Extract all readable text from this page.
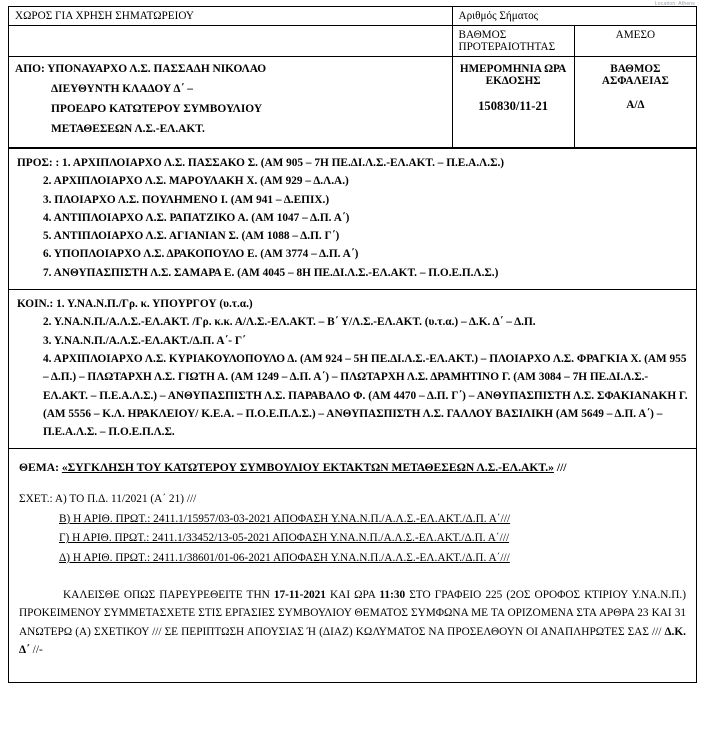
Location: Athens
ΧΩΡΟΣ ΓΙΑ ΧΡΗΣΗ ΣΗΜΑΤΩΡΕΙΟΥ	Αριθμός Σήματος	
	ΒΑΘΜΟΣ ΠΡΟΤΕΡΑΙΟΤΗΤΑΣ	ΑΜΕΣΟ

ΑΠΟ: ΥΠΟΝΑΥΑΡΧΟ Λ.Σ. ΠΑΣΣΑΔΗ ΝΙΚΟΛΑΟ
ΔΙΕΥΘΥΝΤΗ ΚΛΑΔΟΥ Δ΄ –
ΠΡΟΕΔΡΟ ΚΑΤΩΤΕΡΟΥ ΣΥΜΒΟΥΛΙΟΥ
ΜΕΤΑΘΕΣΕΩΝ Λ.Σ.-ΕΛ.ΑΚΤ.

ΗΜΕΡΟΜΗΝΙΑ ΩΡΑ ΕΚΔΟΣΗΣ
150830/11-21

ΒΑΘΜΟΣ ΑΣΦΑΛΕΙΑΣ
Α/Δ
ΠΡΟΣ: : 1. ΑΡΧΙΠΛΟΙΑΡΧΟ Λ.Σ. ΠΑΣΣΑΚΟ Σ. (ΑΜ 905 – 7Η ΠΕ.ΔΙ.Λ.Σ.-ΕΛ.ΑΚΤ. – Π.Ε.Α.Λ.Σ.)
2. ΑΡΧΙΠΛΟΙΑΡΧΟ Λ.Σ. ΜΑΡΟΥΛΑΚΗ Χ. (ΑΜ 929 – Δ.Λ.Α.)
3. ΠΛΟΙΑΡΧΟ Λ.Σ. ΠΟΥΛΗΜΕΝΟ Ι. (ΑΜ 941 – Δ.ΕΠΙΧ.)
4. ΑΝΤΙΠΛΟΙΑΡΧΟ Λ.Σ. ΡΑΠΑΤΖΙΚΟ Α. (ΑΜ 1047 – Δ.Π. Α΄)
5. ΑΝΤΙΠΛΟΙΑΡΧΟ Λ.Σ. ΑΓΙΑΝΙΑΝ Σ. (ΑΜ 1088 – Δ.Π. Γ΄)
6. ΥΠΟΠΛΟΙΑΡΧΟ Λ.Σ. ΔΡΑΚΟΠΟΥΛΟ Ε. (ΑΜ 3774 – Δ.Π. Α΄)
7. ΑΝΘΥΠΑΣΠΙΣΤΗ Λ.Σ. ΣΑΜΑΡΑ Ε. (ΑΜ 4045 – 8Η ΠΕ.ΔΙ.Λ.Σ.-ΕΛ.ΑΚΤ. – Π.Ο.Ε.Π.Λ.Σ.)
ΚΟΙΝ.: 1. Υ.ΝΑ.Ν.Π./Γρ. κ. ΥΠΟΥΡΓΟΥ (υ.τ.α.)
2. Υ.ΝΑ.Ν.Π./Α.Λ.Σ.-ΕΛ.ΑΚΤ. /Γρ. κ.κ. Α/Λ.Σ.-ΕΛ.ΑΚΤ. – Β΄ Υ/Λ.Σ.-ΕΛ.ΑΚΤ. (υ.τ.α.) – Δ.Κ. Δ΄ – Δ.Π.
3. Υ.ΝΑ.Ν.Π./Α.Λ.Σ.-ΕΛ.ΑΚΤ./Δ.Π. Α΄- Γ΄
4. ΑΡΧΙΠΛΟΙΑΡΧΟ Λ.Σ. ΚΥΡΙΑΚΟΥΛΟΠΟΥΛΟ Δ. (ΑΜ 924 – 5Η ΠΕ.ΔΙ.Λ.Σ.-ΕΛ.ΑΚΤ.) – ΠΛΟΙΑΡΧΟ Λ.Σ. ΦΡΑΓΚΙΑ Χ. (ΑΜ 955 – Δ.Π.) – ΠΛΩΤΑΡΧΗ Λ.Σ. ΓΙΩΤΗ Α. (ΑΜ 1249 – Δ.Π. Α΄) – ΠΛΩΤΑΡΧΗ Λ.Σ. ΔΡΑΜΗΤΙΝΟ Γ. (ΑΜ 3084 – 7Η ΠΕ.ΔΙ.Λ.Σ.-ΕΛ.ΑΚΤ. – Π.Ε.Α.Λ.Σ.) – ΑΝΘΥΠΑΣΠΙΣΤΗ Λ.Σ. ΠΑΡΑΒΑΛΟ Φ. (ΑΜ 4470 – Δ.Π. Γ΄) – ΑΝΘΥΠΑΣΠΙΣΤΗ Λ.Σ. ΣΦΑΚΙΑΝΑΚΗ Γ. (ΑΜ 5556 – Κ.Λ. ΗΡΑΚΛΕΙΟΥ/ Κ.Ε.Α. – Π.Ο.Ε.Π.Λ.Σ.) – ΑΝΘΥΠΑΣΠΙΣΤΗ Λ.Σ. ΓΑΛΛΟΥ ΒΑΣΙΛΙΚΗ (ΑΜ 5649 – Δ.Π. Α΄) – Π.Ε.Α.Λ.Σ. – Π.Ο.Ε.Π.Λ.Σ.
ΘΕΜΑ: «ΣΥΓΚΛΗΣΗ ΤΟΥ ΚΑΤΩΤΕΡΟΥ ΣΥΜΒΟΥΛΙΟΥ ΕΚΤΑΚΤΩΝ ΜΕΤΑΘΕΣΕΩΝ Λ.Σ.-ΕΛ.ΑΚΤ.» ///
ΣΧΕΤ.: Α) ΤΟ Π.Δ. 11/2021 (Α΄ 21) ///
Β) Η ΑΡΙΘ. ΠΡΩΤ.: 2411.1/15957/03-03-2021 ΑΠΟΦΑΣΗ Υ.ΝΑ.Ν.Π./Α.Λ.Σ.-ΕΛ.ΑΚΤ./Δ.Π. Α΄///
Γ) Η ΑΡΙΘ. ΠΡΩΤ.: 2411.1/33452/13-05-2021 ΑΠΟΦΑΣΗ Υ.ΝΑ.Ν.Π./Α.Λ.Σ.-ΕΛ.ΑΚΤ./Δ.Π. Α΄///
Δ) Η ΑΡΙΘ. ΠΡΩΤ.: 2411.1/38601/01-06-2021 ΑΠΟΦΑΣΗ Υ.ΝΑ.Ν.Π./Α.Λ.Σ.-ΕΛ.ΑΚΤ./Δ.Π. Α΄///
ΚΑΛΕΙΣΘΕ ΟΠΩΣ ΠΑΡΕΥΡΕΘΕΙΤΕ ΤΗΝ 17-11-2021 ΚΑΙ ΩΡΑ 11:30 ΣΤΟ ΓΡΑΦΕΙΟ 225 (2ΟΣ ΟΡΟΦΟΣ ΚΤΙΡΙΟΥ Υ.ΝΑ.Ν.Π.) ΠΡΟΚΕΙΜΕΝΟΥ ΣΥΜΜΕΤΑΣΧΕΤΕ ΣΤΙΣ ΕΡΓΑΣΙΕΣ ΣΥΜΒΟΥΛΙΟΥ ΘΕΜΑΤΟΣ ΣΥΜΦΩΝΑ ΜΕ ΤΑ ΟΡΙΖΟΜΕΝΑ ΣΤΑ ΑΡΘΡΑ 23 ΚΑΙ 31 ΑΝΩΤΕΡΩ (Α) ΣΧΕΤΙΚΟΥ /// ΣΕ ΠΕΡΙΠΤΩΣΗ ΑΠΟΥΣΙΑΣ Ή (ΔΙΑΖ) ΚΩΛΥΜΑΤΟΣ ΝΑ ΠΡΟΣΕΛΘΟΥΝ ΟΙ ΑΝΑΠΛΗΡΩΤΕΣ ΣΑΣ /// Δ.Κ. Δ΄ //-
